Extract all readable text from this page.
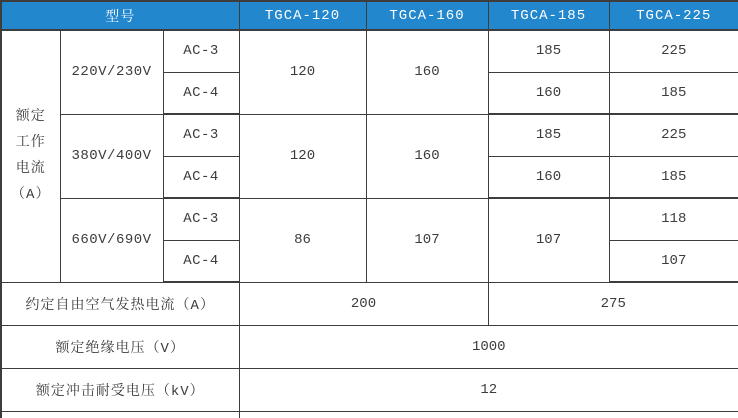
型号			TGCA-120	TGCA-160	TGCA-185	TGCA-225

额定
工作
电流
（A）	220V/230V	AC-3	120	160	185	225
		AC-4			160	185
	380V/400V	AC-3	120	160	185	225
		AC-4			160	185
	660V/690V	AC-3	86	107	107	118
		AC-4				107
约定自由空气发热电流（A）			200		275	
额定绝缘电压（V）			1000			
额定冲击耐受电压（kV）			12			
